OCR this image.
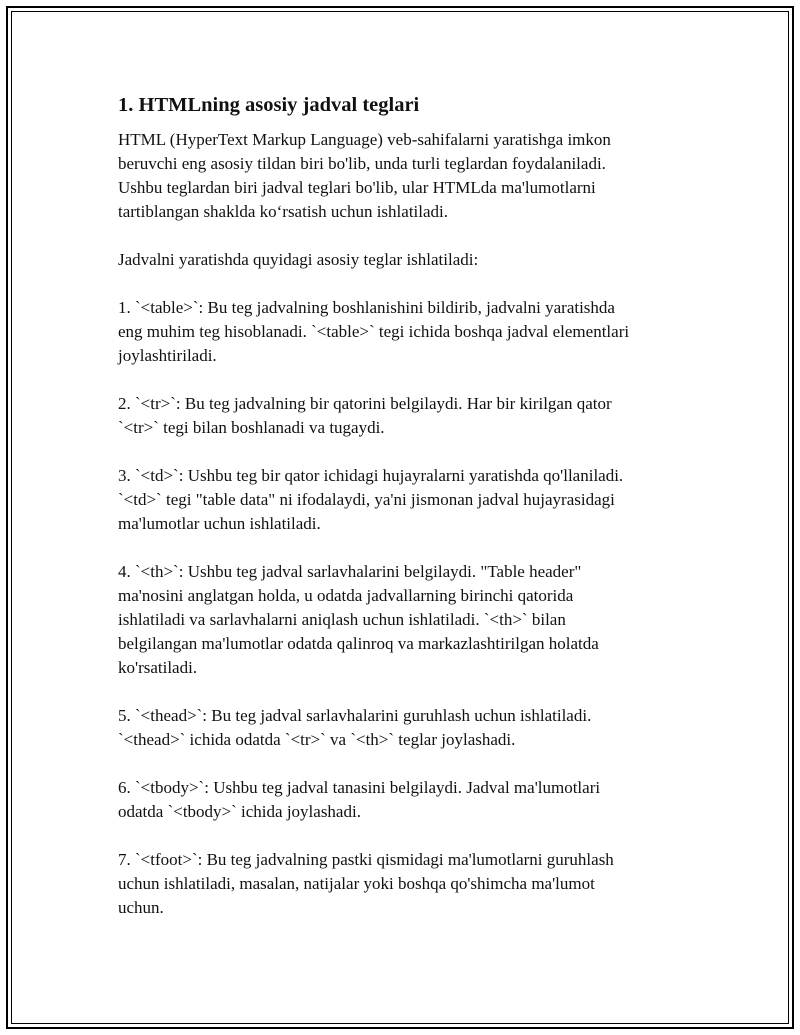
1. HTMLning asosiy jadval teglari

HTML (HyperText Markup Language) veb-sahifalarni yaratishga imkon
beruvchi eng asosiy tildan biri bo'lib, unda turli teglardan foydalaniladi.
Ushbu teglardan biri jadval teglari bo'lib, ular HTMLda ma'lumotlarni
tartiblangan shaklda koʻrsatish uchun ishlatiladi.

Jadvalni yaratishda quyidagi asosiy teglar ishlatiladi:

1. `<table>`: Bu teg jadvalning boshlanishini bildirib, jadvalni yaratishda
eng muhim teg hisoblanadi. `<table>` tegi ichida boshqa jadval elementlari
joylashtiriladi.

2. `<tr>`: Bu teg jadvalning bir qatorini belgilaydi. Har bir kirilgan qator
`<tr>` tegi bilan boshlanadi va tugaydi.

3. `<td>`: Ushbu teg bir qator ichidagi hujayralarni yaratishda qo'llaniladi.
`<td>` tegi "table data" ni ifodalaydi, ya'ni jismonan jadval hujayrasidagi
ma'lumotlar uchun ishlatiladi.

4. `<th>`: Ushbu teg jadval sarlavhalarini belgilaydi. "Table header"
ma'nosini anglatgan holda, u odatda jadvallarning birinchi qatorida
ishlatiladi va sarlavhalarni aniqlash uchun ishlatiladi. `<th>` bilan
belgilangan ma'lumotlar odatda qalinroq va markazlashtirilgan holatda
ko'rsatiladi.

5. `<thead>`: Bu teg jadval sarlavhalarini guruhlash uchun ishlatiladi.
`<thead>` ichida odatda `<tr>` va `<th>` teglar joylashadi.

6. `<tbody>`: Ushbu teg jadval tanasini belgilaydi. Jadval ma'lumotlari
odatda `<tbody>` ichida joylashadi.

7. `<tfoot>`: Bu teg jadvalning pastki qismidagi ma'lumotlarni guruhlash
uchun ishlatiladi, masalan, natijalar yoki boshqa qo'shimcha ma'lumot
uchun.
